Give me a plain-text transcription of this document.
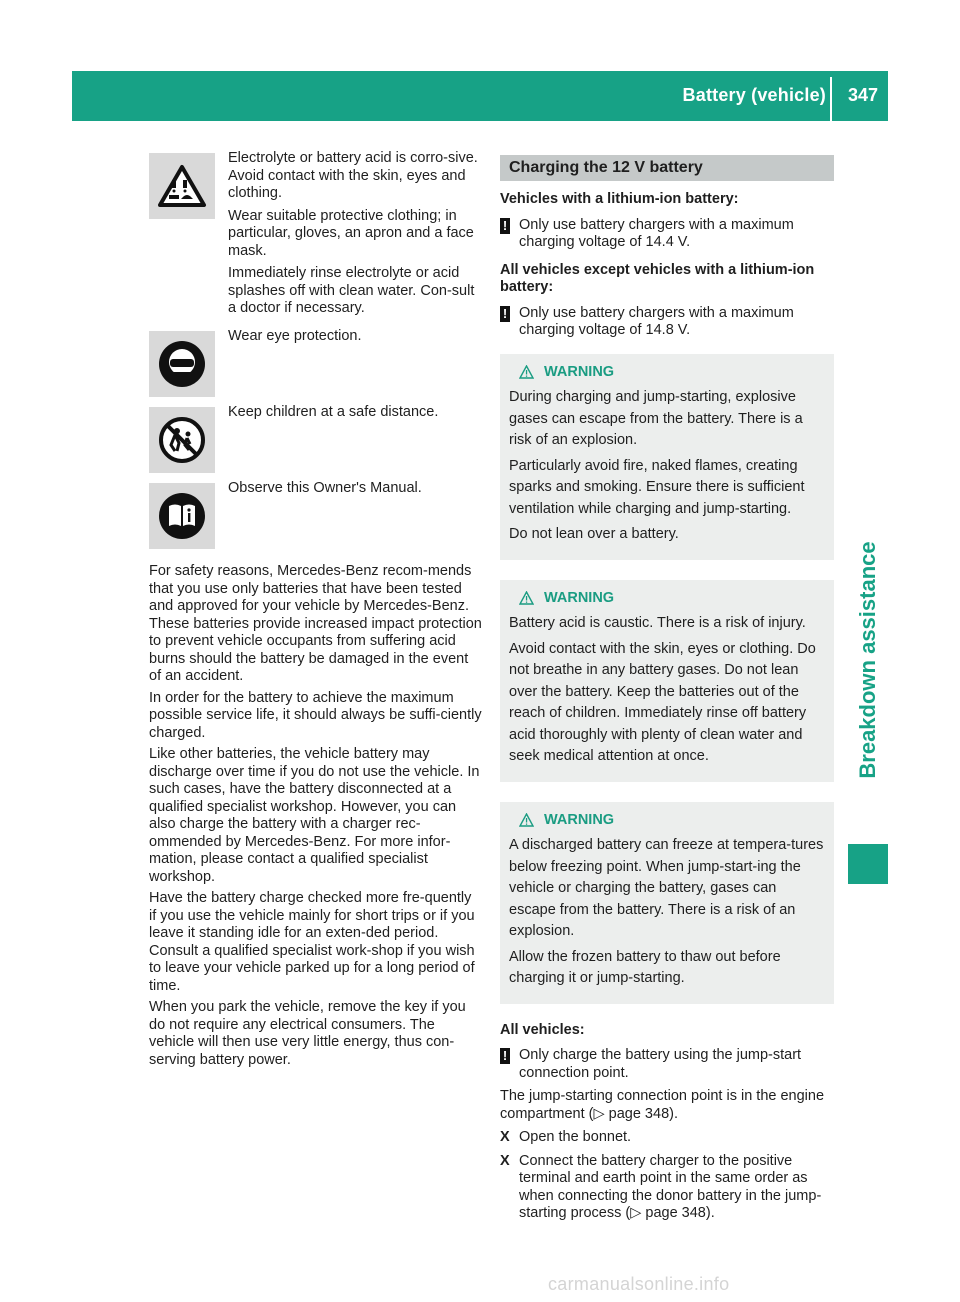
Battery (vehicle) 347
Breakdown assistance

Electrolyte or battery acid is corro-sive. Avoid contact with the skin, eyes and clothing.

Wear suitable protective clothing; in particular, gloves, an apron and a face mask.

Immediately rinse electrolyte or acid splashes off with clean water. Con-sult a doctor if necessary.

Wear eye protection.

Keep children at a safe distance.

Observe this Owner's Manual.

For safety reasons, Mercedes-Benz recom-mends that you use only batteries that have been tested and approved for your vehicle by Mercedes-Benz. These batteries provide increased impact protection to prevent vehicle occupants from suffering acid burns should the battery be damaged in the event of an accident.

In order for the battery to achieve the maximum possible service life, it should always be suffi-ciently charged.

Like other batteries, the vehicle battery may discharge over time if you do not use the vehicle. In such cases, have the battery disconnected at a qualified specialist workshop. However, you can also charge the battery with a charger rec-ommended by Mercedes-Benz. For more infor-mation, please contact a qualified specialist workshop.

Have the battery charge checked more fre-quently if you use the vehicle mainly for short trips or if you leave it standing idle for an exten-ded period. Consult a qualified specialist work-shop if you wish to leave your vehicle parked up for a long period of time.

When you park the vehicle, remove the key if you do not require any electrical consumers. The vehicle will then use very little energy, thus con-serving battery power.

Charging the 12 V battery

Vehicles with a lithium-ion battery:

! Only use battery chargers with a maximum charging voltage of 14.4 V.

All vehicles except vehicles with a lithium-ion battery:

! Only use battery chargers with a maximum charging voltage of 14.8 V.
WARNING

During charging and jump-starting, explosive gases can escape from the battery. There is a risk of an explosion.

Particularly avoid fire, naked flames, creating sparks and smoking. Ensure there is sufficient ventilation while charging and jump-starting.

Do not lean over a battery.

WARNING

Battery acid is caustic. There is a risk of injury.

Avoid contact with the skin, eyes or clothing. Do not breathe in any battery gases. Do not lean over the battery. Keep the batteries out of the reach of children. Immediately rinse off battery acid thoroughly with plenty of clean water and seek medical attention at once.

WARNING

A discharged battery can freeze at tempera-tures below freezing point. When jump-start-ing the vehicle or charging the battery, gases can escape from the battery. There is a risk of an explosion.

Allow the frozen battery to thaw out before charging it or jump-starting.

All vehicles:

! Only charge the battery using the jump-start connection point.

The jump-starting connection point is in the engine compartment (▷ page 348).

X Open the bonnet.
X Connect the battery charger to the positive terminal and earth point in the same order as when connecting the donor battery in the jump-starting process (▷ page 348).
carmanualsonline.info
